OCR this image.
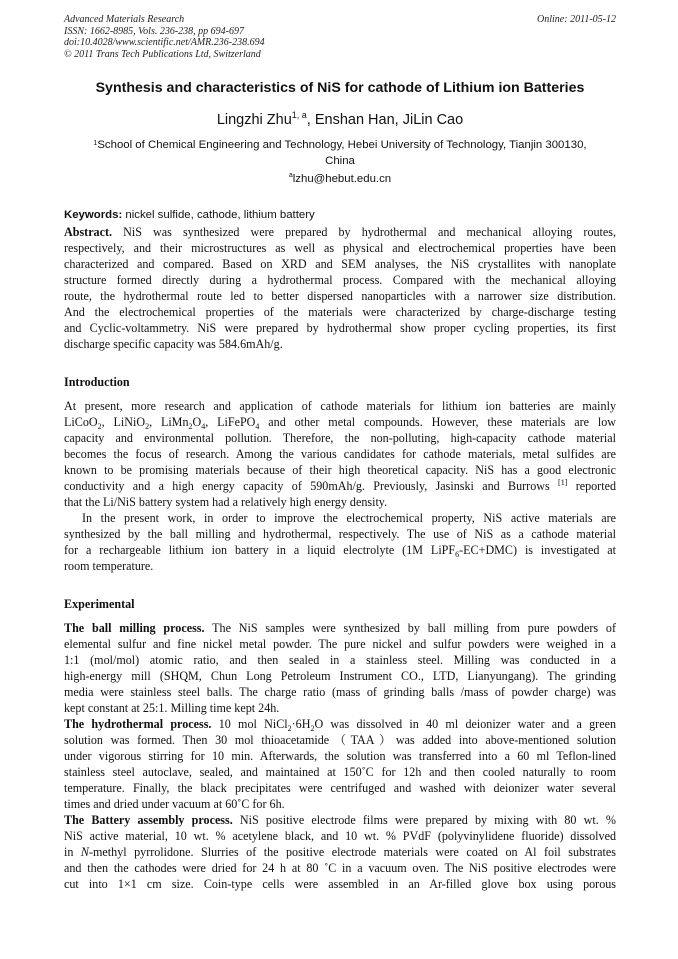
Advanced Materials Research
ISSN: 1662-8985, Vols. 236-238, pp 694-697
doi:10.4028/www.scientific.net/AMR.236-238.694
© 2011 Trans Tech Publications Ltd, Switzerland
Online: 2011-05-12
Synthesis and characteristics of NiS for cathode of Lithium ion Batteries
Lingzhi Zhu$^{1, a}$, Enshan Han, JiLin Cao
$^1$School of Chemical Engineering and Technology, Hebei University of Technology, Tianjin 300130,
China
$^a$lzhu@hebut.edu.cn
Keywords: nickel sulfide, cathode, lithium battery
Abstract. NiS was synthesized were prepared by hydrothermal and mechanical alloying routes,
respectively, and their microstructures as well as physical and electrochemical properties have been
characterized and compared. Based on XRD and SEM analyses, the NiS crystallites with nanoplate
structure formed directly during a hydrothermal process. Compared with the mechanical alloying
route, the hydrothermal route led to better dispersed nanoparticles with a narrower size distribution.
And the electrochemical properties of the materials were characterized by charge-discharge testing
and Cyclic-voltammetry. NiS were prepared by hydrothermal show proper cycling properties, its first
discharge specific capacity was 584.6mAh/g.
Introduction
At present, more research and application of cathode materials for lithium ion batteries are mainly
LiCoO$_2$, LiNiO$_2$, $LiMn_2O_4$, LiFePO$_4$ and other metal compounds. However, these materials are low
capacity and environmental pollution. Therefore, the non-polluting, high-capacity cathode material
becomes the focus of research. Among the various candidates for cathode materials, metal sulfides are
known to be promising materials because of their high theoretical capacity. NiS has a good electronic
conductivity and a high energy capacity of 590mAh/g. Previously, Jasinski and Burrows [1] reported
that the Li/NiS battery system had a relatively high energy density.
In the present work, in order to improve the electrochemical property, NiS active materials are
synthesized by the ball milling and hydrothermal, respectively. The use of NiS as a cathode material
for a rechargeable lithium ion battery in a liquid electrolyte (1M LiPF$_6$-EC+DMC) is investigated at
room temperature.
Experimental
The ball milling process. The NiS samples were synthesized by ball milling from pure powders of
elemental sulfur and fine nickel metal powder. The pure nickel and sulfur powders were weighed in a
1:1 (mol/mol) atomic ratio, and then sealed in a stainless steel. Milling was conducted in a
high-energy mill (SHQM, Chun Long Petroleum Instrument CO., LTD, Lianyungang). The grinding
media were stainless steel balls. The charge ratio (mass of grinding balls /mass of powder charge) was
kept constant at 25:1. Milling time kept 24h.
The hydrothermal process. 10 mol $NiCl_2\cdot 6H_2O$ was dissolved in 40 ml deionizer water and a green
solution was formed. Then 30 mol thioacetamide（TAA）was added into above-mentioned solution
under vigorous stirring for 10 min. Afterwards, the solution was transferred into a 60 ml Teflon-lined
stainless steel autoclave, sealed, and maintained at 150˚C for 12h and then cooled naturally to room
temperature. Finally, the black precipitates were centrifuged and washed with deionizer water several
times and dried under vacuum at 60˚C for 6h.
The Battery assembly process. NiS positive electrode films were prepared by mixing with 80 wt. %
NiS active material, 10 wt. % acetylene black, and 10 wt. % PVdF (polyvinylidene fluoride) dissolved
in N-methyl pyrrolidone. Slurries of the positive electrode materials were coated on Al foil substrates
and then the cathodes were dried for 24 h at 80 ˚C in a vacuum oven. The NiS positive electrodes were
cut into 1×1 cm size. Coin-type cells were assembled in an Ar-filled glove box using porous
